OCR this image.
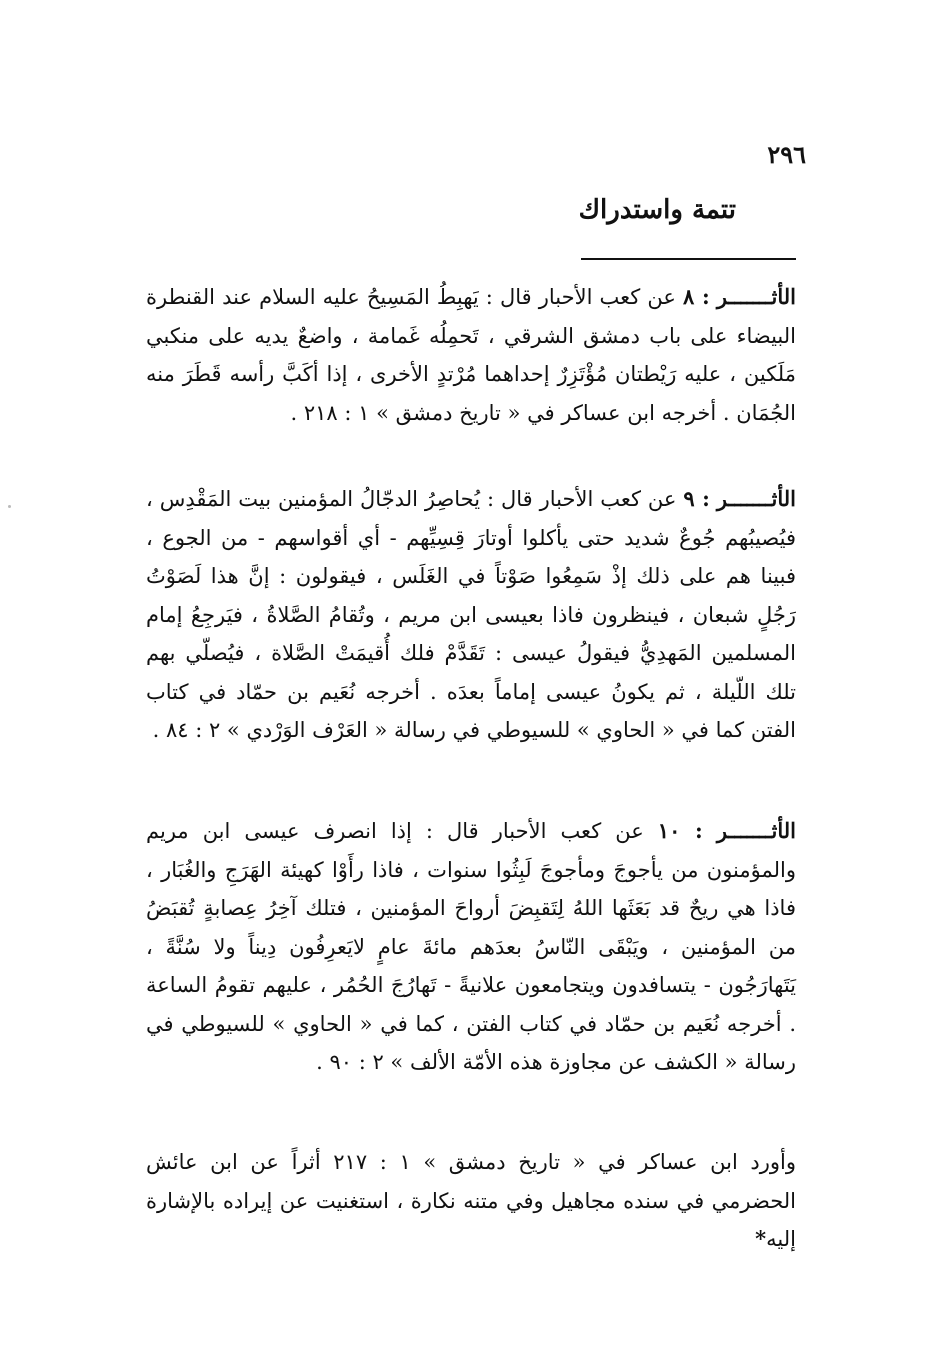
٢٩٦
تتمة واستدراك
الأثـــــــر : ٨ عن كعب الأحبار قال : يَهبِطُ المَسِيحُ عليه السلام عند القنطرة البيضاء على باب دمشق الشرقي ، تَحمِلُه غَمامة ، واضعٌ يديه على منكبي مَلَكين ، عليه رَيْطتان مُؤْتَزِرٌ إحداهما مُرْتدٍ الأخرى ، إذا أكَبَّ رأسه قَطَرَ منه الجُمَان . أخرجه ابن عساكر في « تاريخ دمشق » ١ : ٢١٨ .
الأثـــــــر : ٩ عن كعب الأحبار قال : يُحاصِرُ الدجّالُ المؤمنين بيت المَقْدِس ، فيُصيبُهم جُوعٌ شديد حتى يأكلوا أوتارَ قِسِيِّهم - أي أقواسهم - من الجوع ، فبينا هم على ذلك إذْ سَمِعُوا صَوْتاً في الغَلَس ، فيقولون : إنَّ هذا لَصَوْتُ رَجُلٍ شبعان ، فينظرون فاذا بعيسى ابن مريم ، وتُقامُ الصَّلاةُ ، فيَرجِعُ إمام المسلمين المَهدِيُّ فيقولُ عيسى : تَقَدَّمْ فلك أُقيمَتْ الصَّلاة ، فيُصلّي بهم تلك اللّيلة ، ثم يكونُ عيسى إماماً بعدَه . أخرجه نُعَيم بن حمّاد في كتاب الفتن كما في « الحاوي » للسيوطي في رسالة « العَرْف الوَرْدي » ٢ : ٨٤ .
الأثـــــــر : ١٠ عن كعب الأحبار قال : إذا انصرف عيسى ابن مريم والمؤمنون من يأجوجَ ومأجوجَ لَبِثُوا سنوات ، فاذا رأَوْا كهيئة الهَرَجِ والغُبَار ، فاذا هي ريحٌ قد بَعَثَها اللهُ لِتَقبِضَ أرواحَ المؤمنين ، فتلك آخِرُ عِصابةٍ تُقبَضُ من المؤمنين ، ويَبْقَى النّاسُ بعدَهم مائةَ عامٍ لايَعرِفُون دِيناً ولا سُنَّةً ، يَتَهارَجُون - يتسافدون ويتجامعون علانيةً - تَهارُجَ الحُمُر ، عليهم تقومُ الساعة . أخرجه نُعَيم بن حمّاد في كتاب الفتن ، كما في « الحاوي » للسيوطي في رسالة « الكشف عن مجاوزة هذه الأمّة الألف » ٢ : ٩٠ .
وأورد ابن عساكر في « تاريخ دمشق » ١ : ٢١٧ أثراً عن ابن عائش الحضرمي في سنده مجاهيل وفي متنه نكارة ، استغنيت عن إيراده بالإشارة إليه*
